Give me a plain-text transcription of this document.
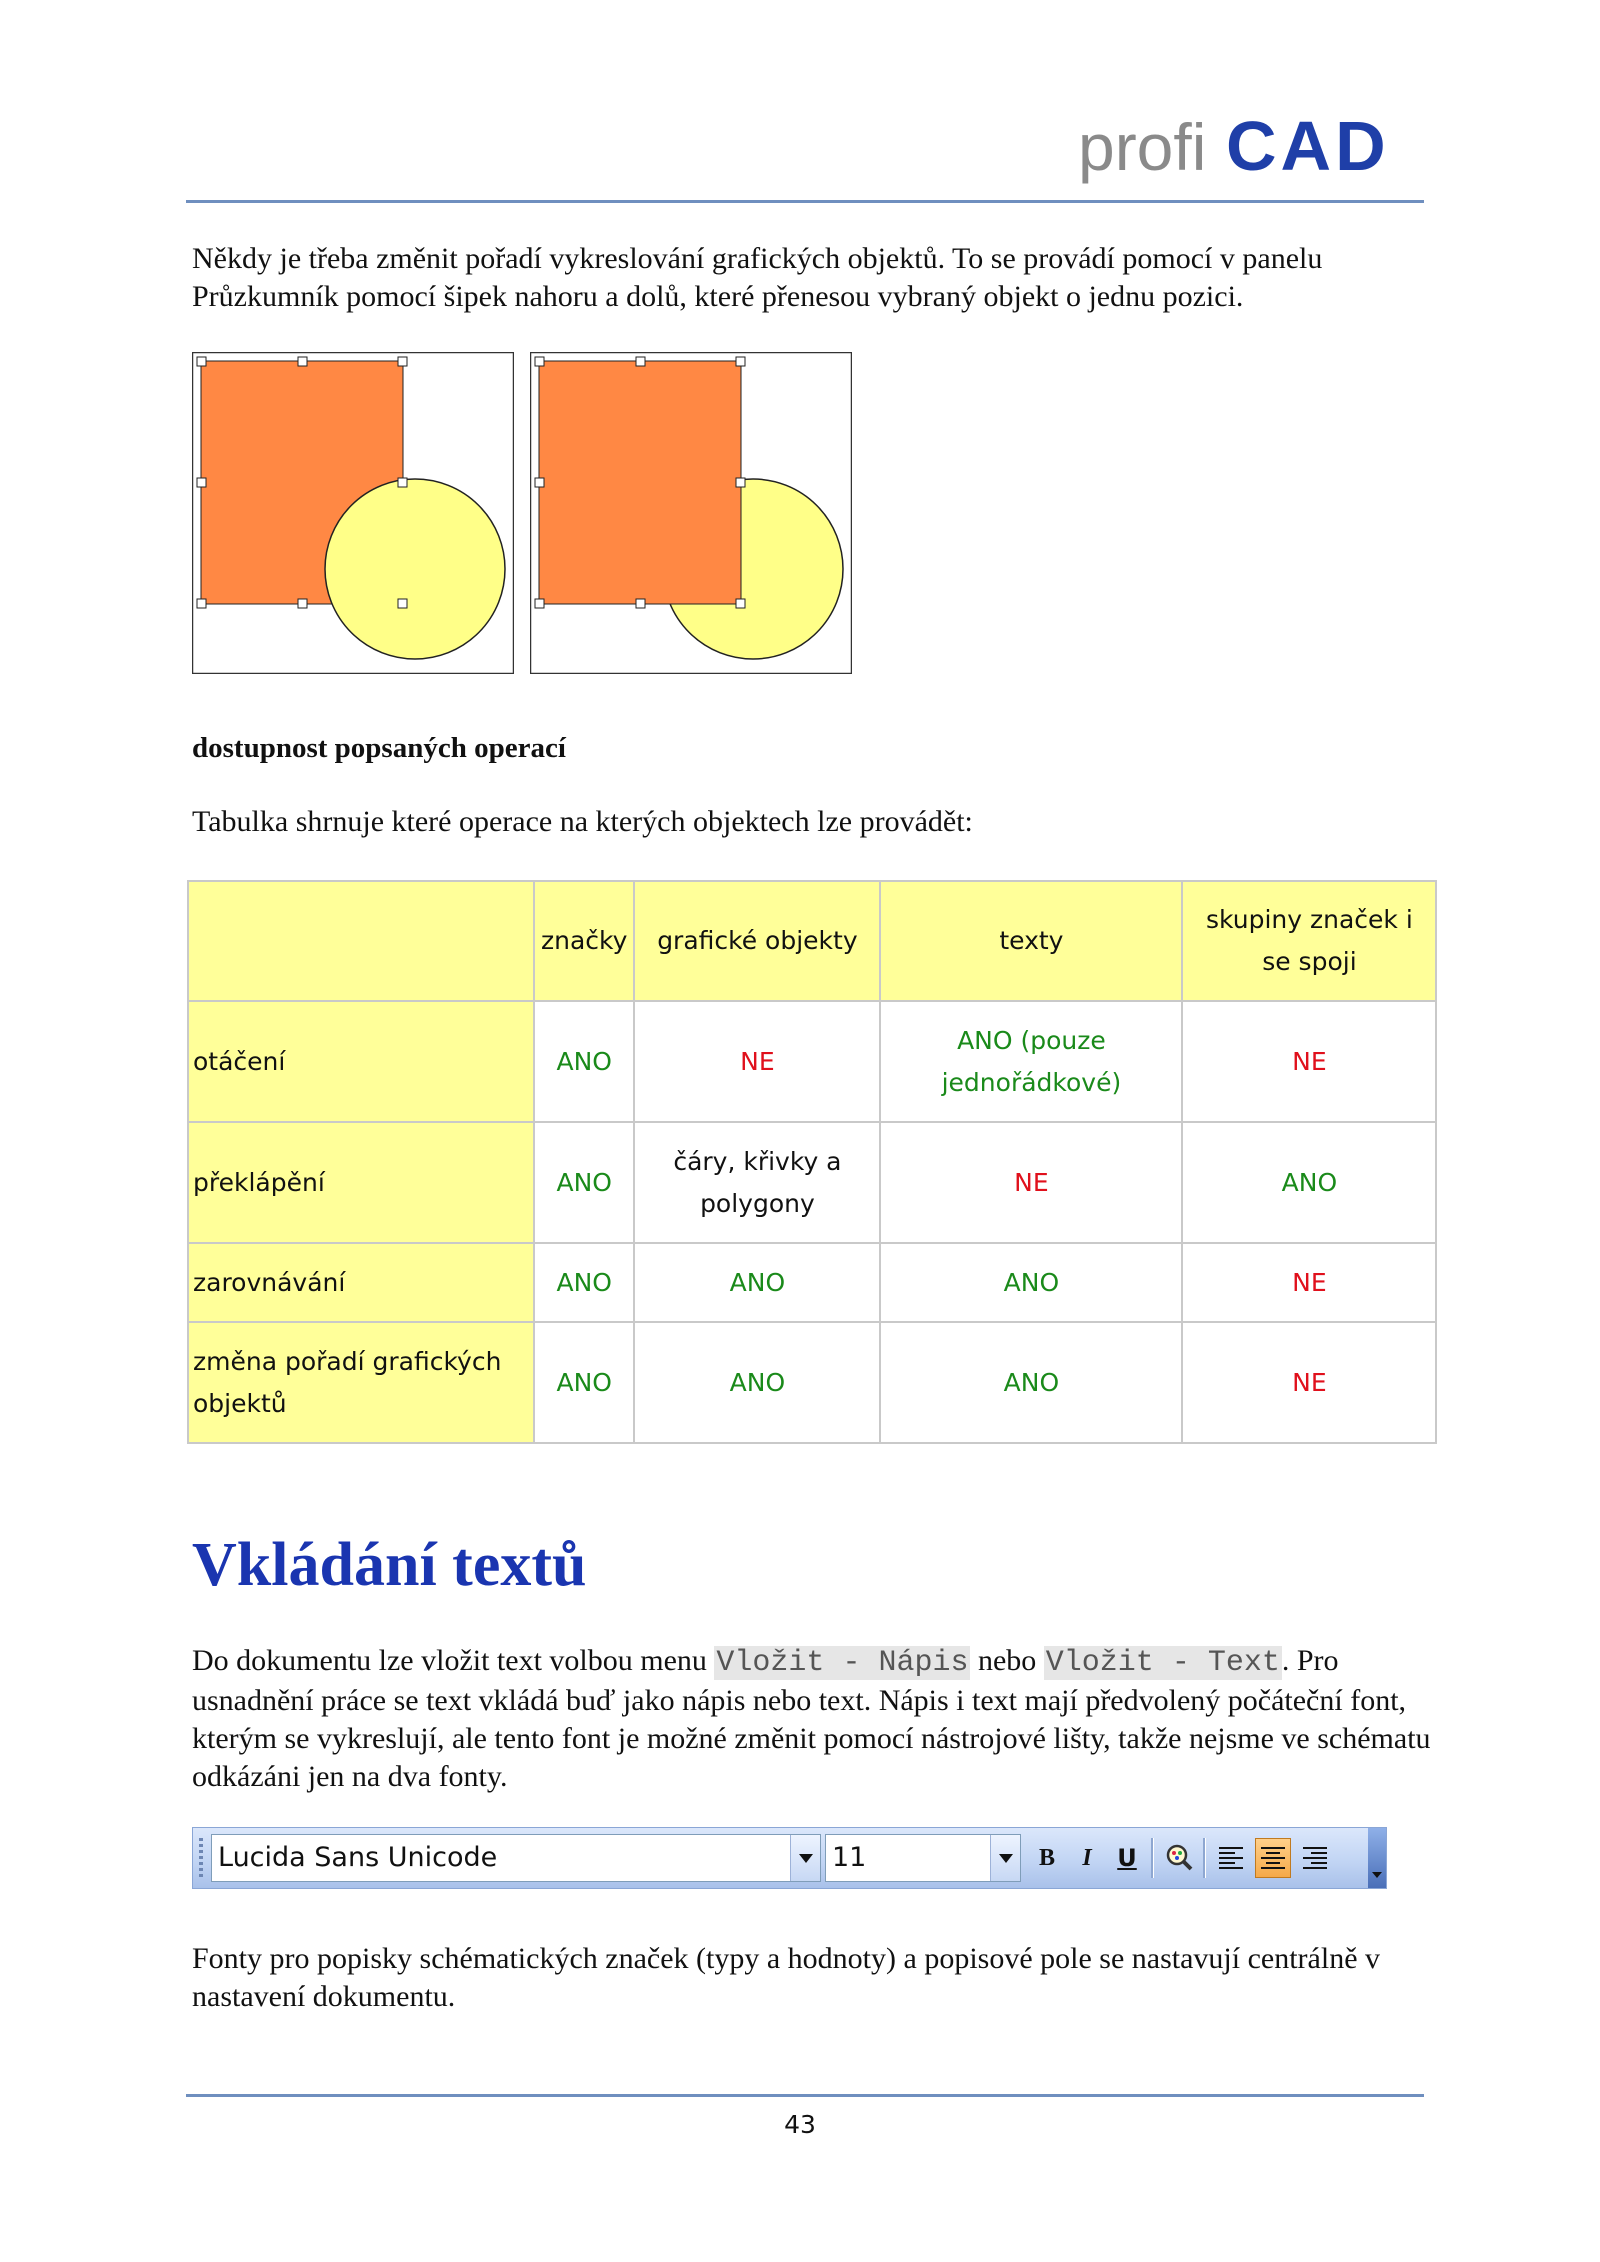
profi CAD

Někdy je třeba změnit pořadí vykreslování grafických objektů. To se provádí pomocí v panelu Průzkumník pomocí šipek nahoru a dolů, které přenesou vybraný objekt o jednu pozici.

dostupnost popsaných operací
Tabulka shrnuje které operace na kterých objektech lze provádět:
	značky	grafické objekty	texty	skupiny značek i se spoji
otáčení	ANO	NE	ANO (pouze jednořádkové)	NE
překlápění	ANO	čáry, křivky a polygony	NE	ANO
zarovnávání	ANO	ANO	ANO	NE
změna pořadí grafických objektů	ANO	ANO	ANO	NE
Vkládání textů

Do dokumentu lze vložit text volbou menu Vložit - Nápis nebo Vložit - Text. Pro usnadnění práce se text vkládá buď jako nápis nebo text. Nápis i text mají předvolený počáteční font, kterým se vykreslují, ale tento font je možné změnit pomocí nástrojové lišty, takže nejsme ve schématu odkázáni jen na dva fonty.

Lucida Sans Unicode	11	B	I	U

Fonty pro popisky schématických značek (typy a hodnoty) a popisové pole se nastavují centrálně v nastavení dokumentu.

43
